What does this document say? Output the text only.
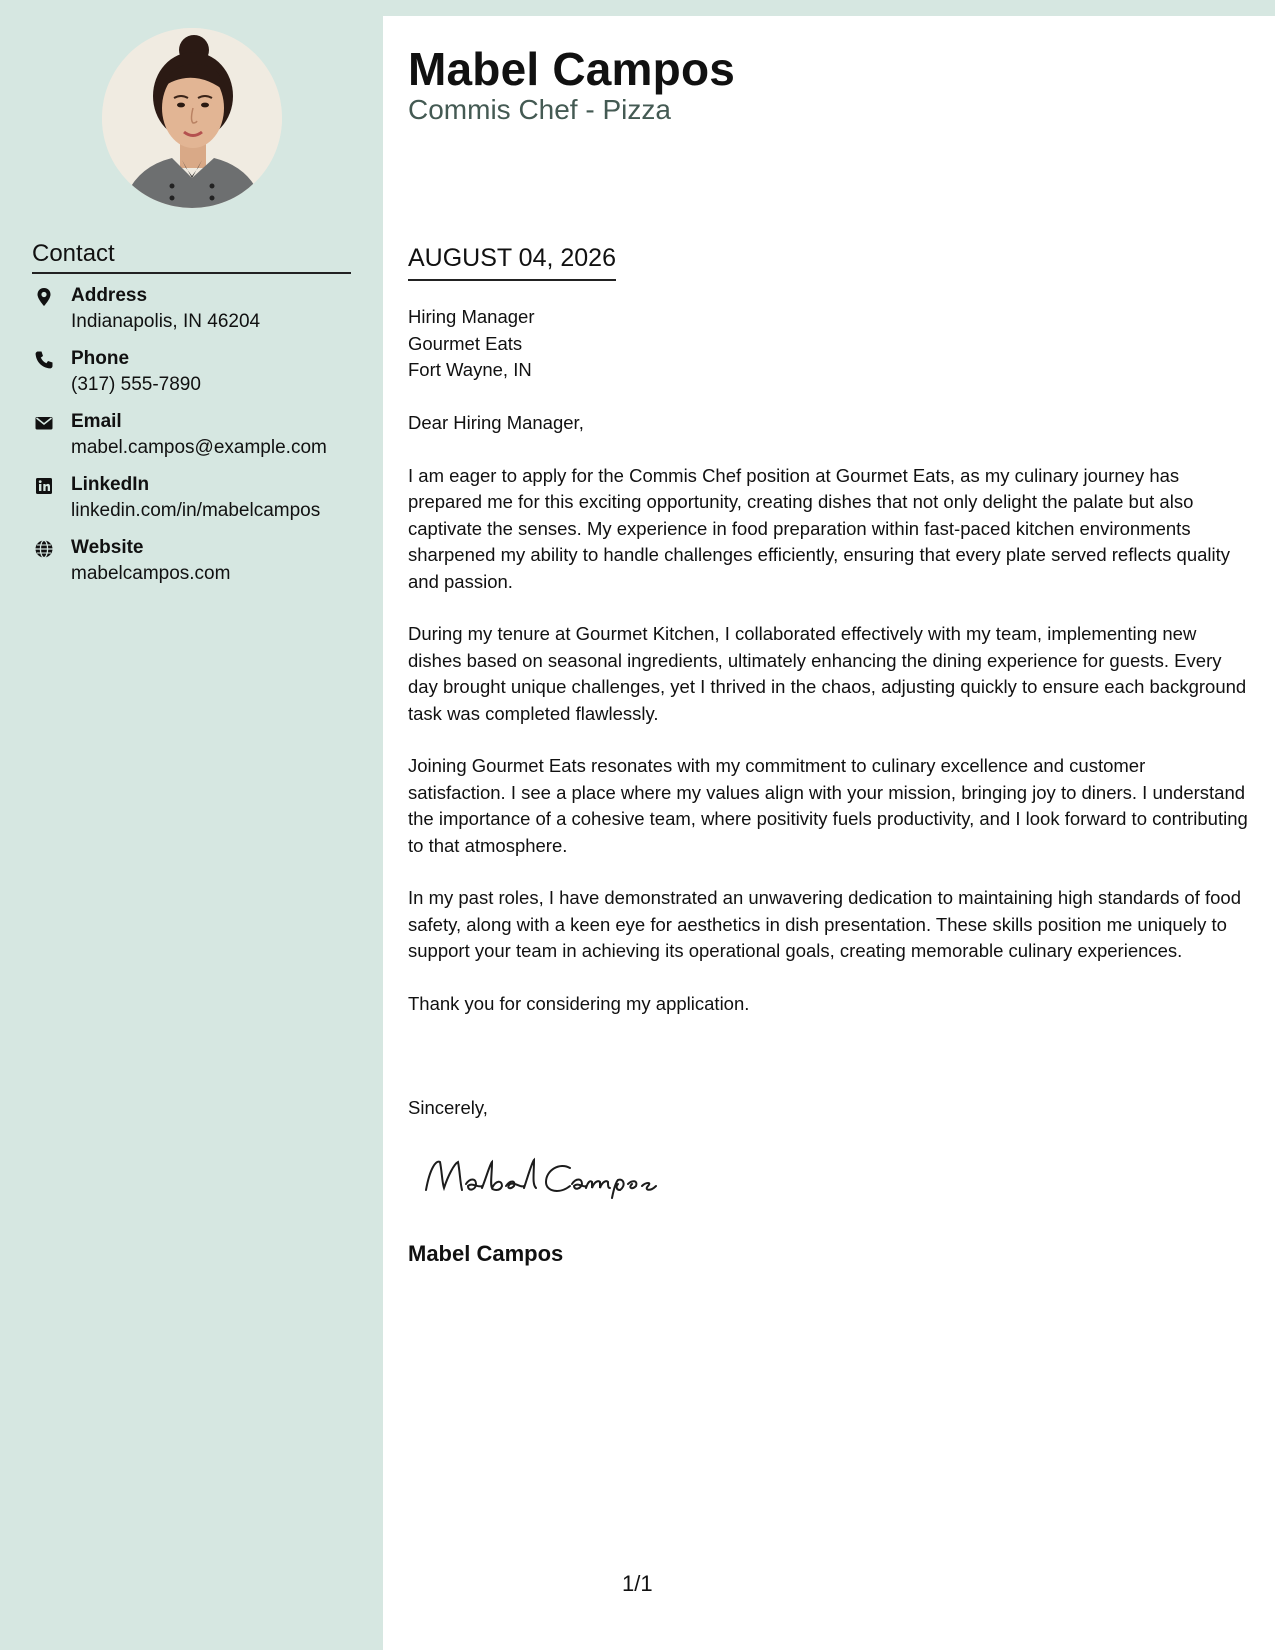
Contact
Address
Indianapolis, IN 46204
Phone
(317) 555-7890
Email
mabel.campos@example.com
LinkedIn
linkedin.com/in/mabelcampos
Website
mabelcampos.com
Mabel Campos
Commis Chef - Pizza
AUGUST 04, 2026
Hiring Manager
Gourmet Eats
Fort Wayne, IN
Dear Hiring Manager,

I am eager to apply for the Commis Chef position at Gourmet Eats, as my culinary journey has prepared me for this exciting opportunity, creating dishes that not only delight the palate but also captivate the senses. My experience in food preparation within fast-paced kitchen environments sharpened my ability to handle challenges efficiently, ensuring that every plate served reflects quality and passion.

During my tenure at Gourmet Kitchen, I collaborated effectively with my team, implementing new dishes based on seasonal ingredients, ultimately enhancing the dining experience for guests. Every day brought unique challenges, yet I thrived in the chaos, adjusting quickly to ensure each background task was completed flawlessly.

Joining Gourmet Eats resonates with my commitment to culinary excellence and customer satisfaction. I see a place where my values align with your mission, bringing joy to diners. I understand the importance of a cohesive team, where positivity fuels productivity, and I look forward to contributing to that atmosphere.

In my past roles, I have demonstrated an unwavering dedication to maintaining high standards of food safety, along with a keen eye for aesthetics in dish presentation. These skills position me uniquely to support your team in achieving its operational goals, creating memorable culinary experiences.

Thank you for considering my application.

Sincerely,
Mabel Campos
1/1
